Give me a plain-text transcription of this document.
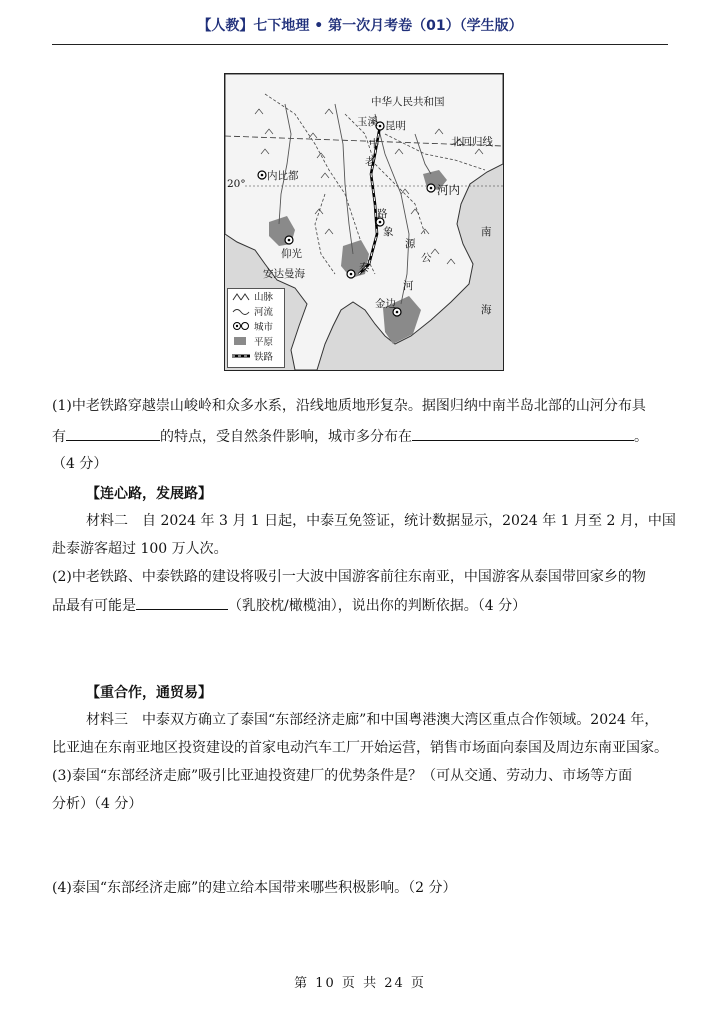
【人教】七下地理 • 第一次月考卷（01）（学生版）
中华人民共和国
玉溪 昆明
中
老
北回归线
20°
内比都
河内
仰光
安达曼海
南
海
路
象
源
公
河
泰
金边
山脉
河流
城市
平原
铁路
(1)中老铁路穿越崇山峻岭和众多水系，沿线地质地形复杂。据图归纳中南半岛北部的山河分布具
有	的特点，受自然条件影响，城市多分布在	。
（4 分）
【连心路，发展路】
材料二　自 2024 年 3 月 1 日起，中泰互免签证，统计数据显示，2024 年 1 月至 2 月，中国
赴泰游客超过 100 万人次。
(2)中老铁路、中泰铁路的建设将吸引一大波中国游客前往东南亚，中国游客从泰国带回家乡的物
品最有可能是	（乳胶枕/橄榄油），说出你的判断依据。（4 分）
【重合作，通贸易】
材料三　中泰双方确立了泰国“东部经济走廊”和中国粤港澳大湾区重点合作领域。2024 年，
比亚迪在东南亚地区投资建设的首家电动汽车工厂开始运营，销售市场面向泰国及周边东南亚国家。
(3)泰国“东部经济走廊”吸引比亚迪投资建厂的优势条件是？（可从交通、劳动力、市场等方面
分析）（4 分）
(4)泰国“东部经济走廊”的建立给本国带来哪些积极影响。（2 分）
第 10 页 共 24 页
